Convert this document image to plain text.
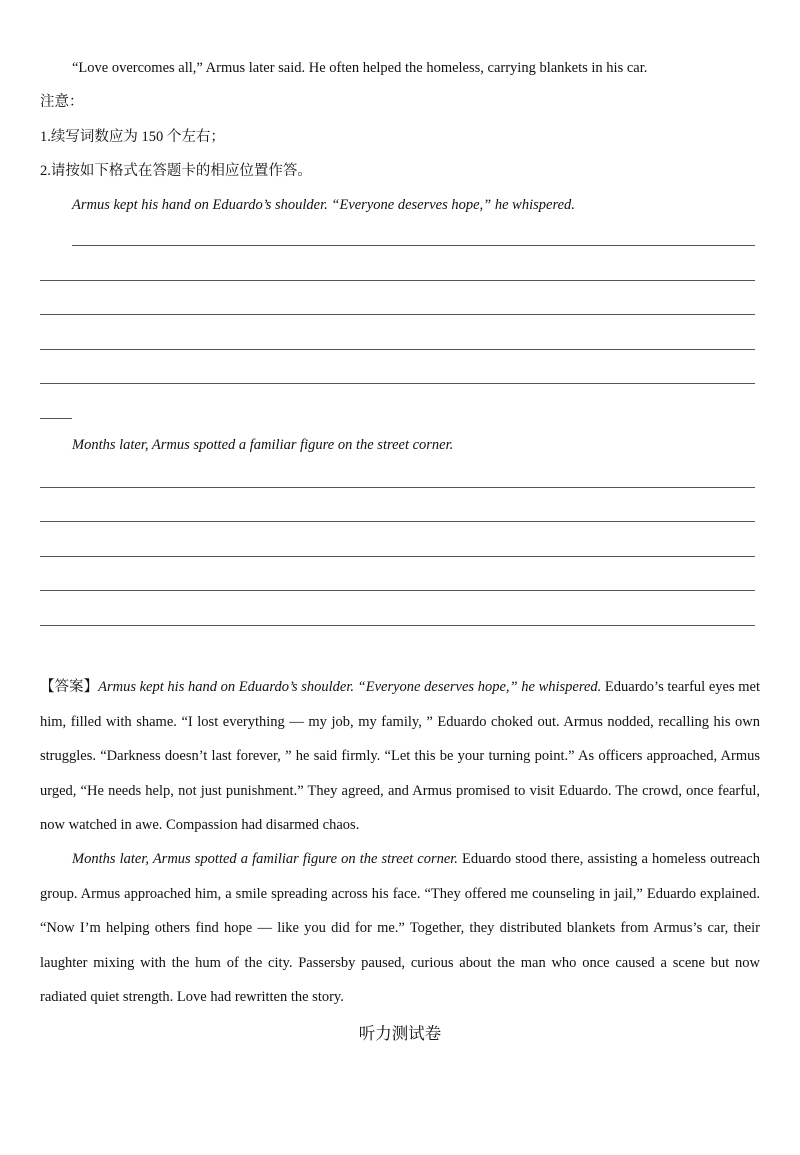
“Love overcomes all,” Armus later said. He often helped the homeless, carrying blankets in his car.
注意：
1.续写词数应为 150 个左右；
2.请按如下格式在答题卡的相应位置作答。
Armus kept his hand on Eduardo’s shoulder. “Everyone deserves hope,” he whispered.
Months later, Armus spotted a familiar figure on the street corner.
【答案】Armus kept his hand on Eduardo’s shoulder. “Everyone deserves hope,” he whispered. Eduardo’s tearful eyes met him, filled with shame. “I lost everything — my job, my family, ” Eduardo choked out. Armus nodded, recalling his own struggles. “Darkness doesn’t last forever, ” he said firmly. “Let this be your turning point.” As officers approached, Armus urged, “He needs help, not just punishment.” They agreed, and Armus promised to visit Eduardo. The crowd, once fearful, now watched in awe. Compassion had disarmed chaos.
Months later, Armus spotted a familiar figure on the street corner. Eduardo stood there, assisting a homeless outreach group. Armus approached him, a smile spreading across his face. “They offered me counseling in jail,” Eduardo explained. “Now I’m helping others find hope — like you did for me.” Together, they distributed blankets from Armus’s car, their laughter mixing with the hum of the city. Passersby paused, curious about the man who once caused a scene but now radiated quiet strength. Love had rewritten the story.
听力测试卷
